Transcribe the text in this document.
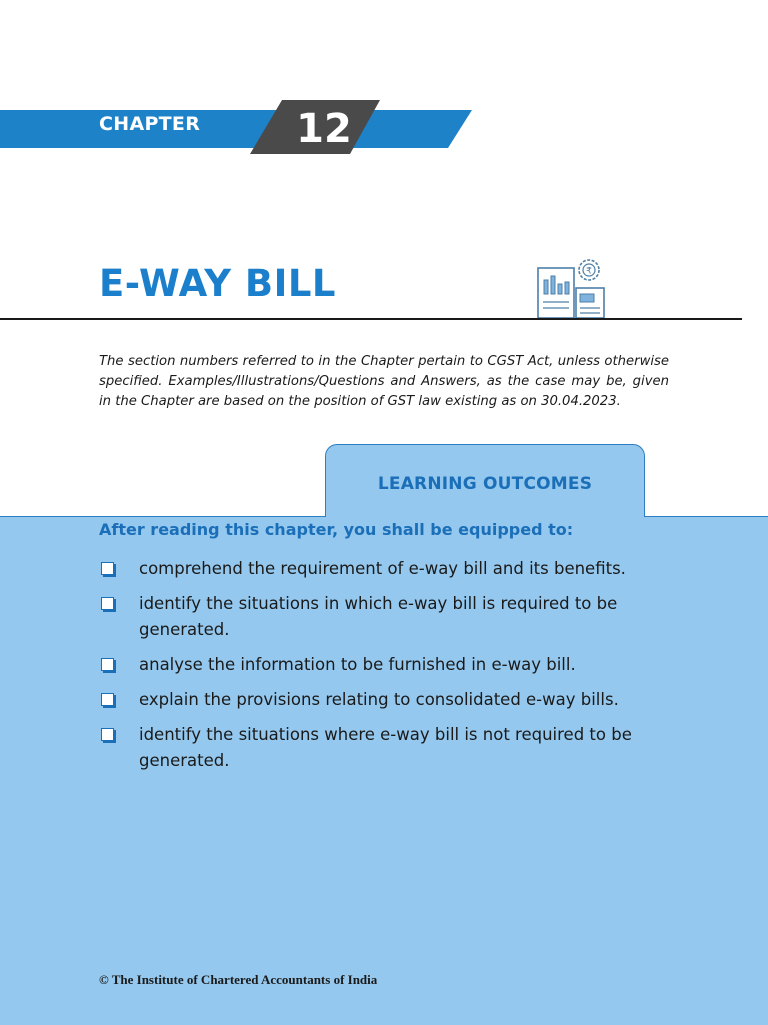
CHAPTER 12
E-WAY BILL	₹

The section numbers referred to in the Chapter pertain to CGST Act, unless otherwise specified. Examples/Illustrations/Questions and Answers, as the case may be, given in the Chapter are based on the position of GST law existing as on 30.04.2023.

LEARNING OUTCOMES

After reading this chapter, you shall be equipped to:

comprehend the requirement of e-way bill and its benefits.
identify the situations in which e-way bill is required to be generated.
analyse the information to be furnished in e-way bill.
explain the provisions relating to consolidated e-way bills.
identify the situations where e-way bill is not required to be generated.

© The Institute of Chartered Accountants of India
